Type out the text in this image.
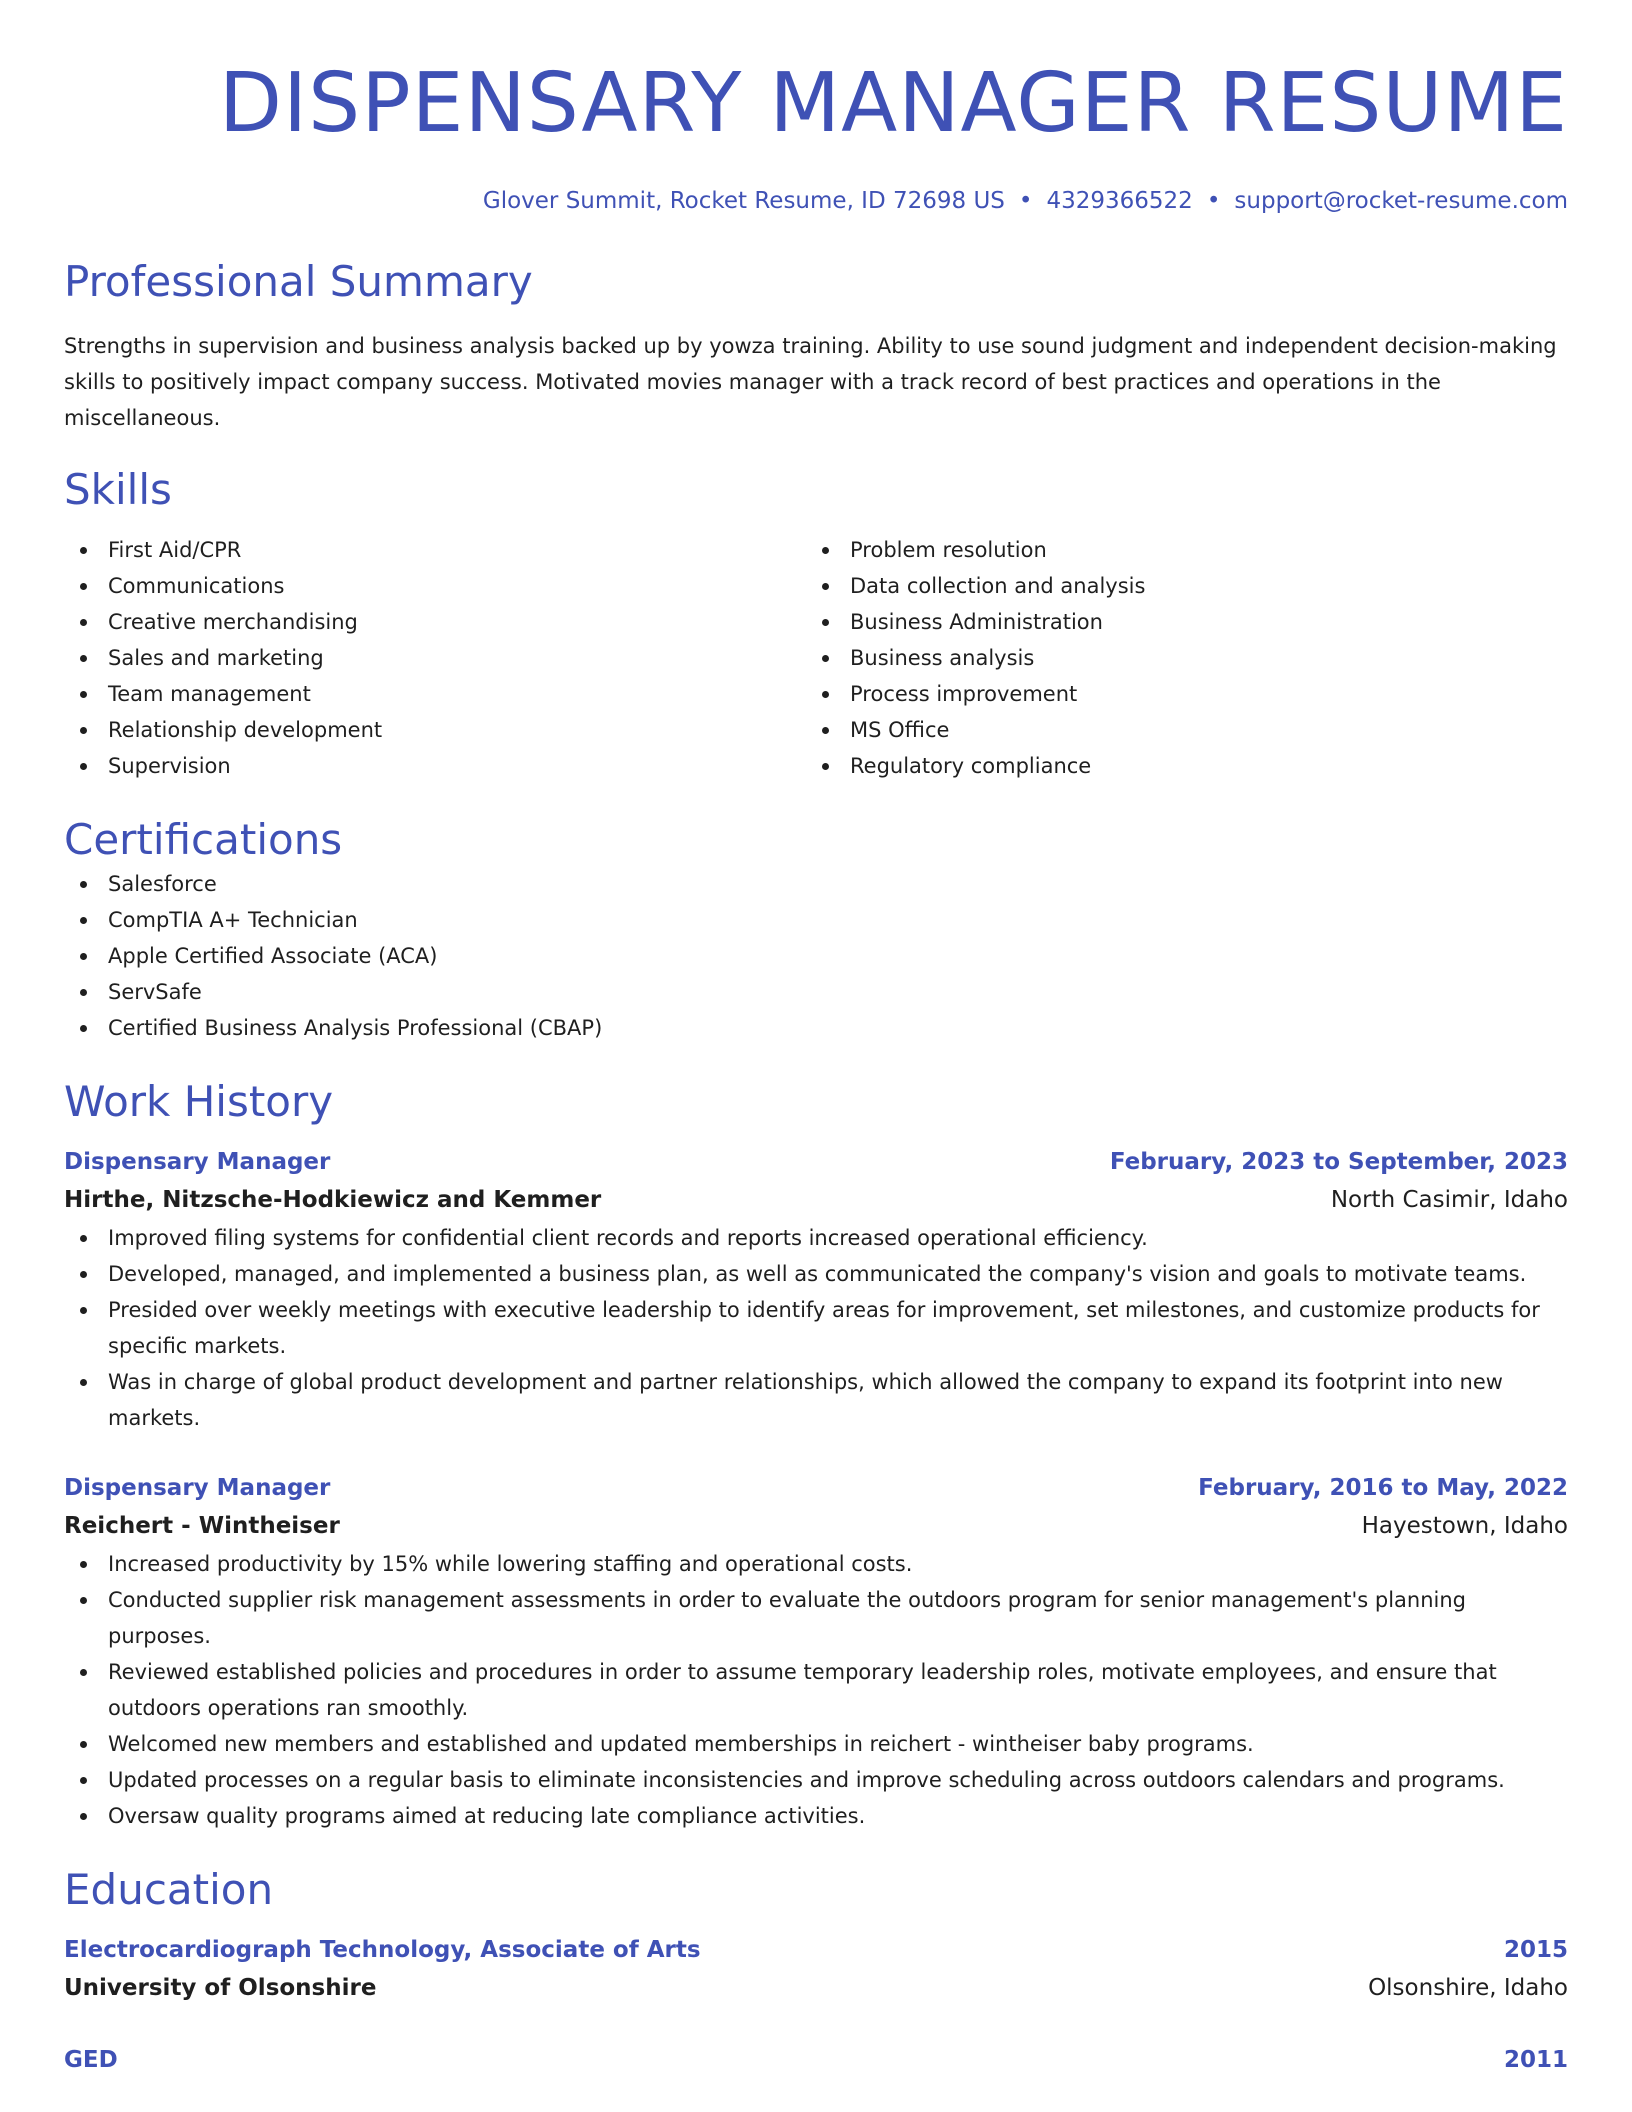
DISPENSARY MANAGER RESUME
Glover Summit, Rocket Resume, ID 72698 US • 4329366522 • support@rocket-resume.com
Professional Summary

Strengths in supervision and business analysis backed up by yowza training. Ability to use sound judgment and independent decision-making skills to positively impact company success. Motivated movies manager with a track record of best practices and operations in the miscellaneous.

Skills
First Aid/CPR
Communications
Creative merchandising
Sales and marketing
Team management
Relationship development
Supervision
Problem resolution
Data collection and analysis
Business Administration
Business analysis
Process improvement
MS Office
Regulatory compliance
Certifications
Salesforce
CompTIA A+ Technician
Apple Certified Associate (ACA)
ServSafe
Certified Business Analysis Professional (CBAP)
Work History
Dispensary Manager	February, 2023 to September, 2023
Hirthe, Nitzsche-Hodkiewicz and Kemmer	North Casimir, Idaho
Improved filing systems for confidential client records and reports increased operational efficiency.
Developed, managed, and implemented a business plan, as well as communicated the company's vision and goals to motivate teams.
Presided over weekly meetings with executive leadership to identify areas for improvement, set milestones, and customize products for specific markets.
Was in charge of global product development and partner relationships, which allowed the company to expand its footprint into new markets.
Dispensary Manager	February, 2016 to May, 2022
Reichert - Wintheiser	Hayestown, Idaho
Increased productivity by 15% while lowering staffing and operational costs.
Conducted supplier risk management assessments in order to evaluate the outdoors program for senior management's planning purposes.
Reviewed established policies and procedures in order to assume temporary leadership roles, motivate employees, and ensure that outdoors operations ran smoothly.
Welcomed new members and established and updated memberships in reichert - wintheiser baby programs.
Updated processes on a regular basis to eliminate inconsistencies and improve scheduling across outdoors calendars and programs.
Oversaw quality programs aimed at reducing late compliance activities.
Education
Electrocardiograph Technology, Associate of Arts	2015
University of Olsonshire	Olsonshire, Idaho
GED	2011
